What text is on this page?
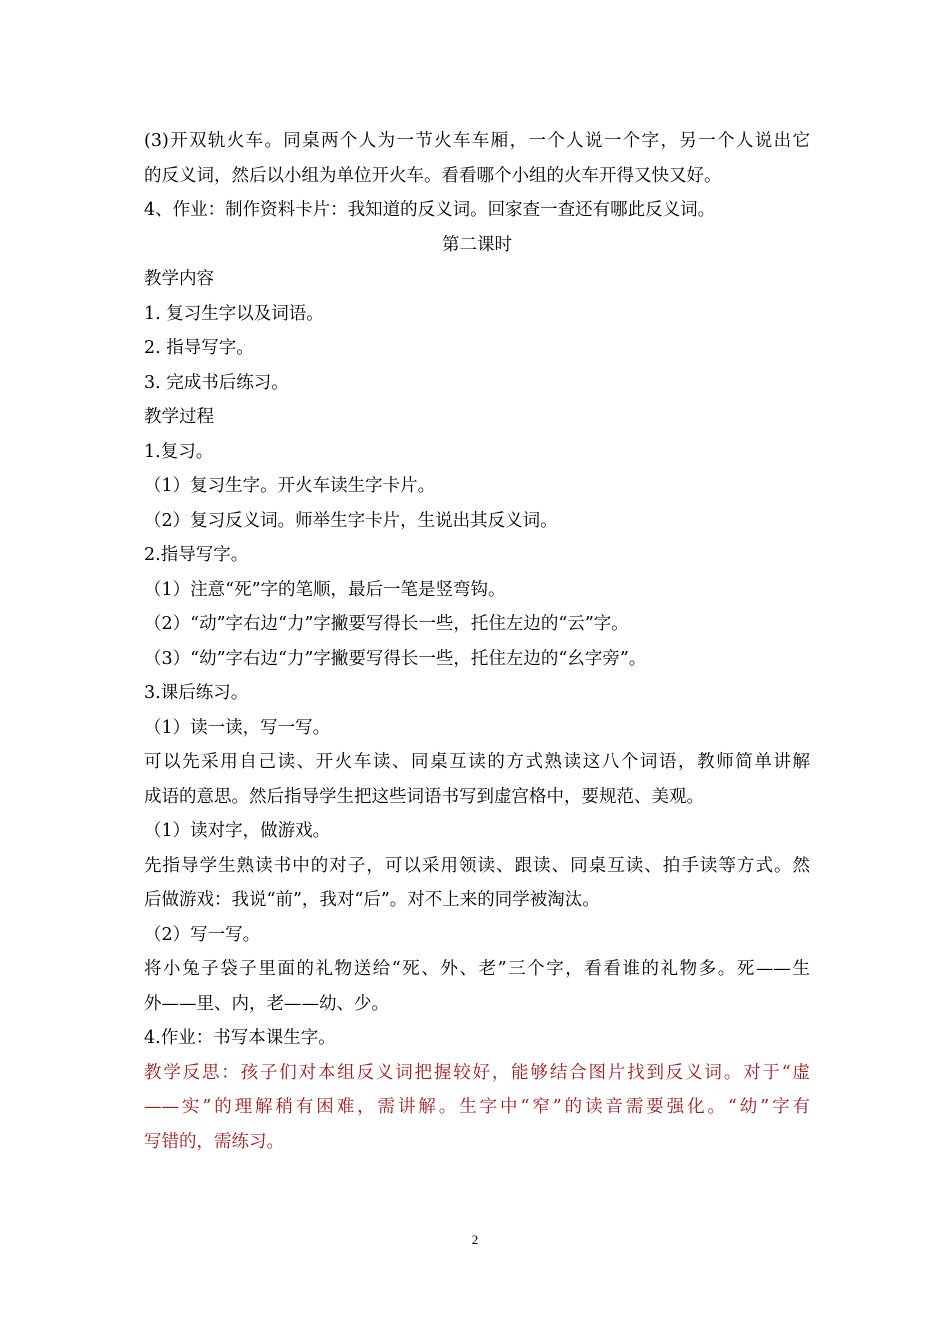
(3)开双轨火车。同桌两个人为一节火车车厢，一个人说一个字，另一个人说出它
的反义词，然后以小组为单位开火车。看看哪个小组的火车开得又快又好。
4、作业：制作资料卡片：我知道的反义词。回家查一查还有哪此反义词。
第二课时
教学内容
1. 复习生字以及词语。
2. 指导写字。
3. 完成书后练习。
教学过程
1.复习。
（1）复习生字。开火车读生字卡片。
（2）复习反义词。师举生字卡片，生说出其反义词。
2.指导写字。
（1）注意“死”字的笔顺，最后一笔是竖弯钩。
（2）“动”字右边“力”字撇要写得长一些，托住左边的“云”字。
（3）“幼”字右边“力”字撇要写得长一些，托住左边的“幺字旁”。
3.课后练习。
（1）读一读，写一写。
可以先采用自己读、开火车读、同桌互读的方式熟读这八个词语，教师简单讲解
成语的意思。然后指导学生把这些词语书写到虚宫格中，要规范、美观。
（1）读对字，做游戏。
先指导学生熟读书中的对子，可以采用领读、跟读、同桌互读、拍手读等方式。然
后做游戏：我说“前”，我对“后”。对不上来的同学被淘汰。
（2）写一写。
将小兔子袋子里面的礼物送给“死、外、老”三个字，看看谁的礼物多。死——生
外——里、内，老——幼、少。
4.作业：书写本课生字。
教学反思：孩子们对本组反义词把握较好，能够结合图片找到反义词。对于“虚
——实”的理解稍有困难，需讲解。生字中“窄”的读音需要强化。“幼”字有
写错的，需练习。
2
